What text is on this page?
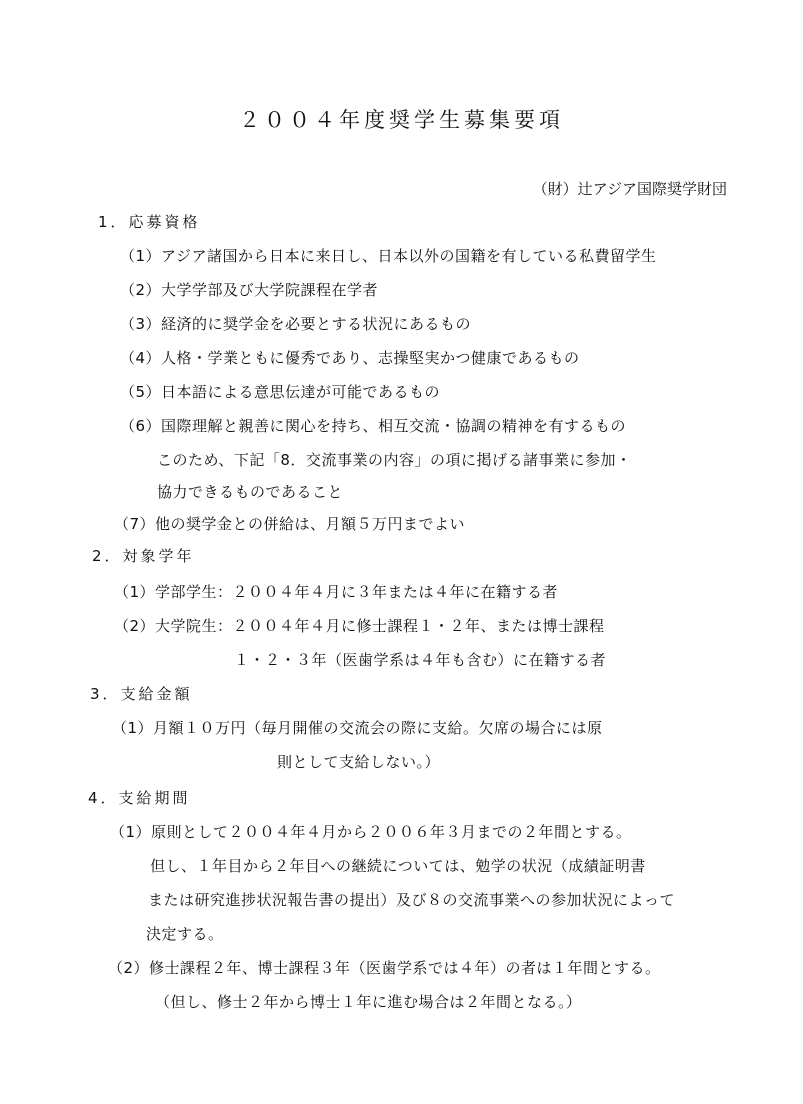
２００４年度奨学生募集要項
（財）辻アジア国際奨学財団
1．応募資格
（1）アジア諸国から日本に来日し、日本以外の国籍を有している私費留学生
（2）大学学部及び大学院課程在学者
（3）経済的に奨学金を必要とする状況にあるもの
（4）人格・学業ともに優秀であり、志操堅実かつ健康であるもの
（5）日本語による意思伝達が可能であるもの
（6）国際理解と親善に関心を持ち、相互交流・協調の精神を有するもの
このため、下記「8．交流事業の内容」の項に掲げる諸事業に参加・
協力できるものであること
（7）他の奨学金との併給は、月額５万円までよい
2．対象学年
（1）学部学生：２００４年４月に３年または４年に在籍する者
（2）大学院生：２００４年４月に修士課程１・２年、または博士課程
１・２・３年（医歯学系は４年も含む）に在籍する者
3．支給金額
（1）月額１０万円（毎月開催の交流会の際に支給。欠席の場合には原
則として支給しない。）
4．支給期間
（1）原則として２００４年４月から２００６年３月までの２年間とする。
但し、１年目から２年目への継続については、勉学の状況（成績証明書
または研究進捗状況報告書の提出）及び８の交流事業への参加状況によって
決定する。
（2）修士課程２年、博士課程３年（医歯学系では４年）の者は１年間とする。
（但し、修士２年から博士１年に進む場合は２年間となる。）
